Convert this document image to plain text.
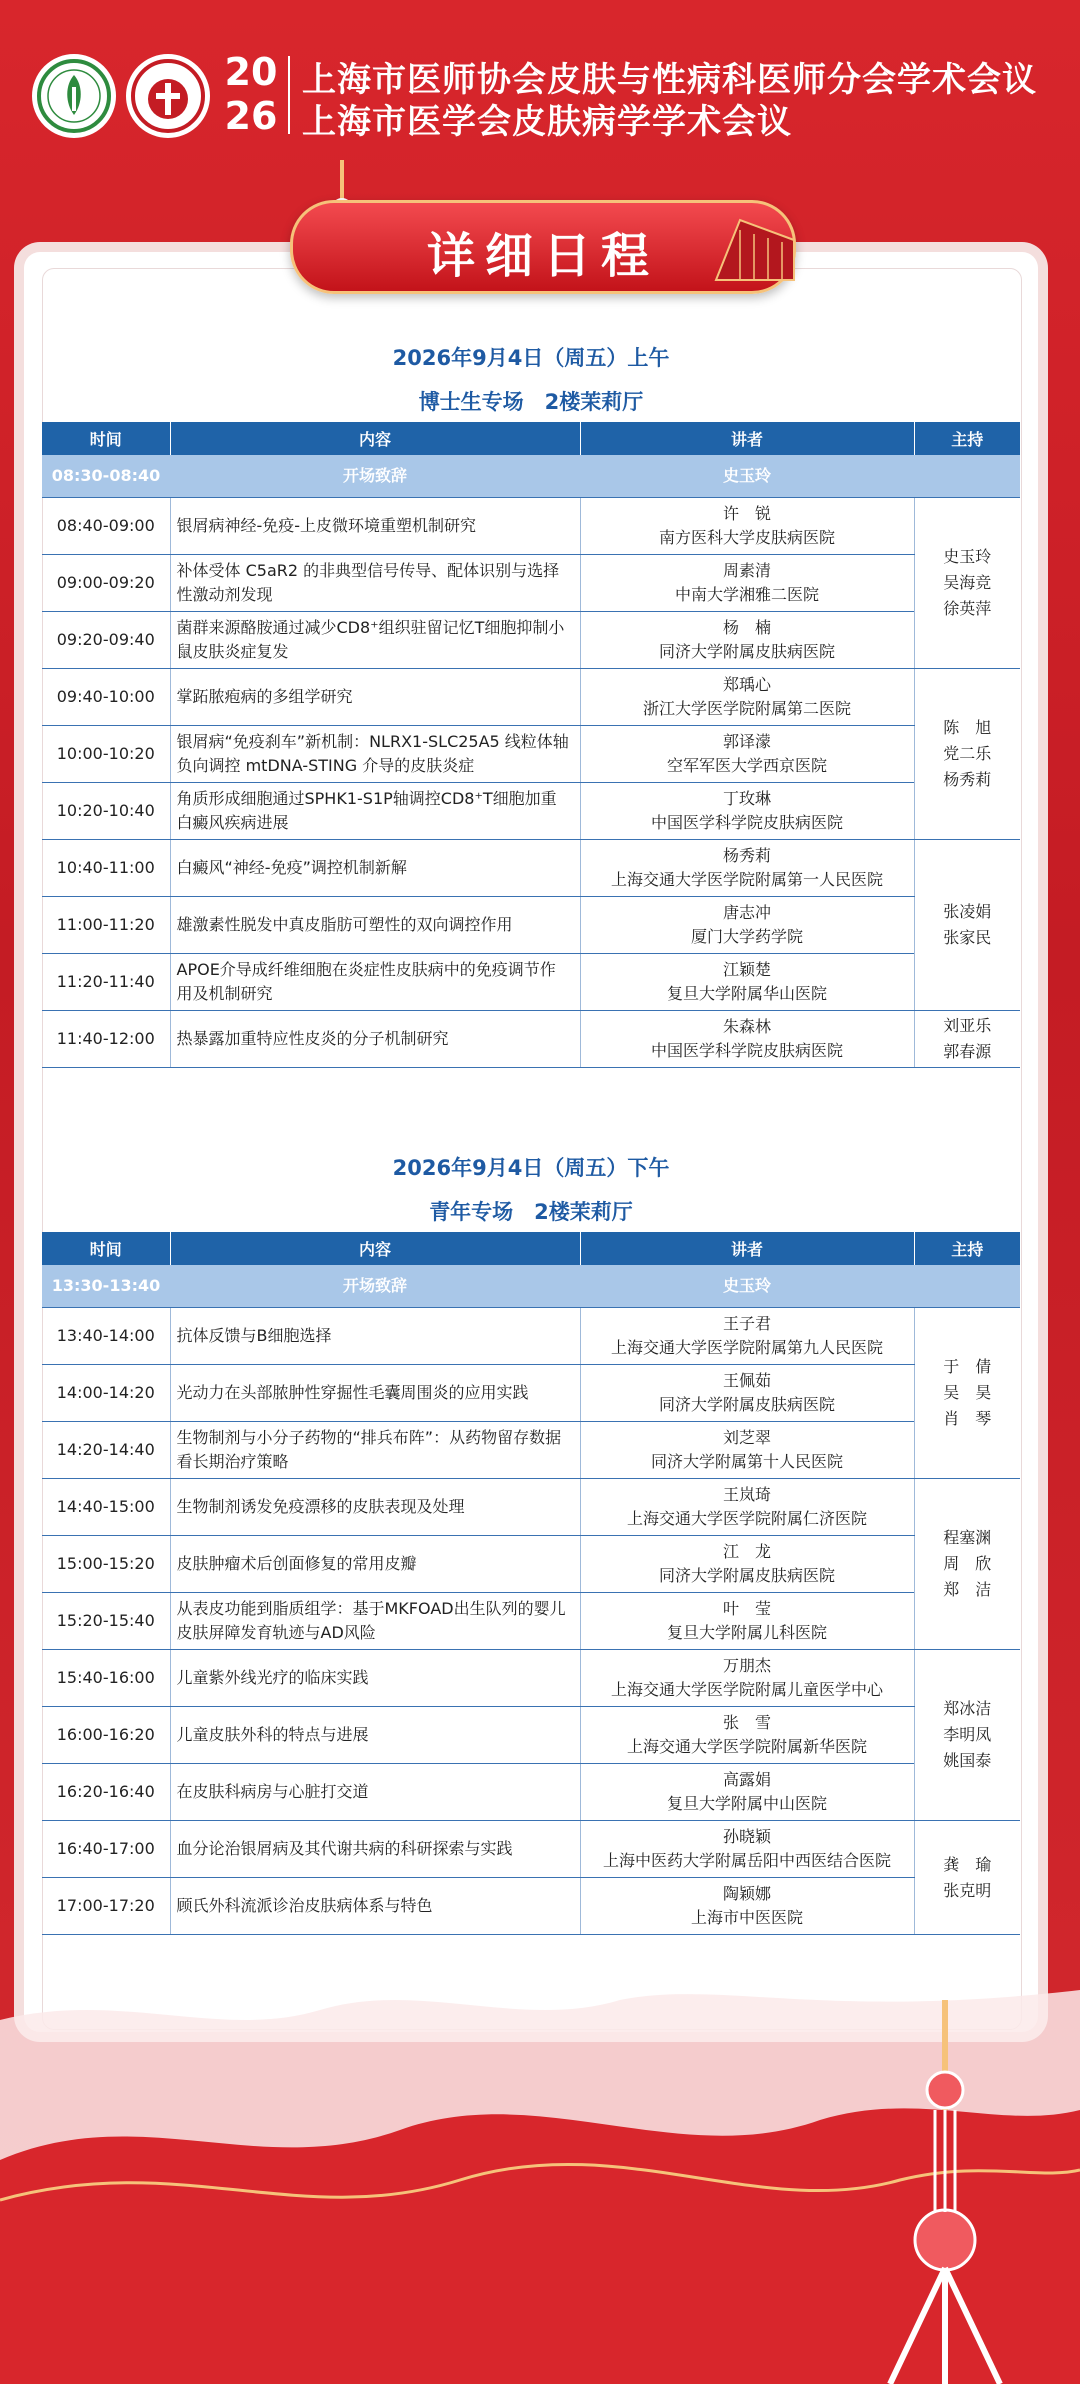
20
26
上海市医师协会皮肤与性病科医师分会学术会议
上海市医学会皮肤病学学术会议
2026年9月4日（周五）上午
博士生专场　2楼茉莉厅
时间	内容	讲者	主持
08:30-08:40	开场致辞	史玉玲	
08:40-09:00	银屑病神经-免疫-上皮微环境重塑机制研究	许　锐
南方医科大学皮肤病医院	史玉玲
吴海竞
徐英萍

09:00-09:20	补体受体 C5aR2 的非典型信号传导、配体识别与选择性激动剂发现	周素清
中南大学湘雅二医院	

09:20-09:40	菌群来源酪胺通过减少CD8⁺组织驻留记忆T细胞抑制小鼠皮肤炎症复发	杨　楠
同济大学附属皮肤病医院	

09:40-10:00	掌跖脓疱病的多组学研究	郑瑀心
浙江大学医学院附属第二医院	陈　旭
党二乐
杨秀莉

10:00-10:20	银屑病“免疫刹车”新机制：NLRX1-SLC25A5 线粒体轴负向调控 mtDNA-STING 介导的皮肤炎症	郭译濛
空军军医大学西京医院	

10:20-10:40	角质形成细胞通过SPHK1-S1P轴调控CD8⁺T细胞加重白癜风疾病进展	丁玫琳
中国医学科学院皮肤病医院	

10:40-11:00	白癜风“神经-免疫”调控机制新解	杨秀莉
上海交通大学医学院附属第一人民医院	张凌娟
张家民

11:00-11:20	雄激素性脱发中真皮脂肪可塑性的双向调控作用	唐志冲
厦门大学药学院	

11:20-11:40	APOE介导成纤维细胞在炎症性皮肤病中的免疫调节作用及机制研究	江颖楚
复旦大学附属华山医院	

11:40-12:00	热暴露加重特应性皮炎的分子机制研究	朱森林
中国医学科学院皮肤病医院	刘亚乐
郭春源
2026年9月4日（周五）下午
青年专场　2楼茉莉厅
时间	内容	讲者	主持
13:30-13:40	开场致辞	史玉玲	
13:40-14:00	抗体反馈与B细胞选择	王子君
上海交通大学医学院附属第九人民医院	于　倩
吴　昊
肖　琴

14:00-14:20	光动力在头部脓肿性穿掘性毛囊周围炎的应用实践	王佩茹
同济大学附属皮肤病医院	

14:20-14:40	生物制剂与小分子药物的“排兵布阵”：从药物留存数据看长期治疗策略	刘芝翠
同济大学附属第十人民医院	

14:40-15:00	生物制剂诱发免疫漂移的皮肤表现及处理	王岚琦
上海交通大学医学院附属仁济医院	程塞渊
周　欣
郑　洁

15:00-15:20	皮肤肿瘤术后创面修复的常用皮瓣	江　龙
同济大学附属皮肤病医院	

15:20-15:40	从表皮功能到脂质组学：基于MKFOAD出生队列的婴儿皮肤屏障发育轨迹与AD风险	叶　莹
复旦大学附属儿科医院	

15:40-16:00	儿童紫外线光疗的临床实践	万朋杰
上海交通大学医学院附属儿童医学中心	郑冰洁
李明凤
姚国泰

16:00-16:20	儿童皮肤外科的特点与进展	张　雪
上海交通大学医学院附属新华医院	

16:20-16:40	在皮肤科病房与心脏打交道	高露娟
复旦大学附属中山医院	

16:40-17:00	血分论治银屑病及其代谢共病的科研探索与实践	孙晓颖
上海中医药大学附属岳阳中西医结合医院	龚　瑜
张克明

17:00-17:20	顾氏外科流派诊治皮肤病体系与特色	陶颖娜
上海市中医医院	
详细日程
